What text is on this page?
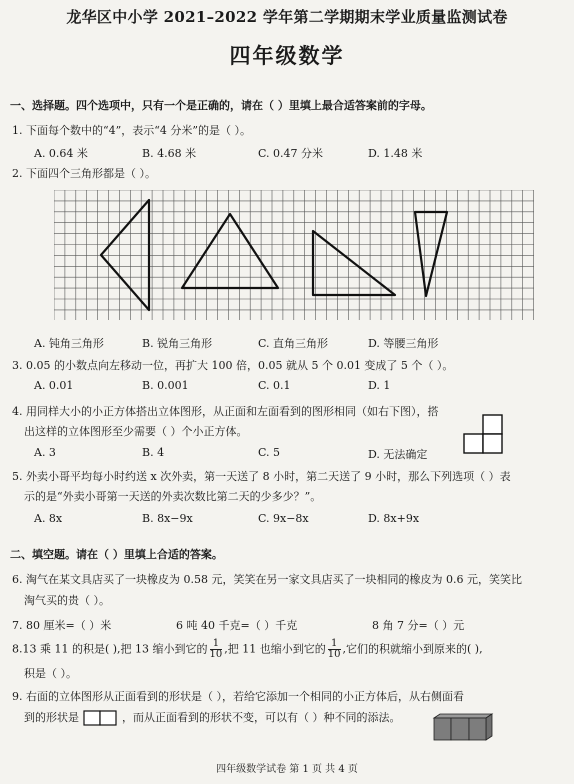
龙华区中小学 2021–2022 学年第二学期期末学业质量监测试卷
四年级数学
一、选择题。四个选项中，只有一个是正确的，请在（ ）里填上最合适答案前的字母。
1. 下面每个数中的“4”，表示“4 分米”的是（ ）。
A. 0.64 米	B. 4.68 米	C. 0.47 分米	D. 1.48 米
2. 下面四个三角形都是（ ）。
A. 钝角三角形	B. 锐角三角形	C. 直角三角形	D. 等腰三角形
3. 0.05 的小数点向左移动一位，再扩大 100 倍，0.05 就从 5 个 0.01 变成了 5 个（ ）。
A. 0.01	B. 0.001	C. 0.1	D. 1
4. 用同样大小的小正方体搭出立体图形，从正面和左面看到的图形相同（如右下图），搭
出这样的立体图形至少需要（ ）个小正方体。
A. 3	B. 4	C. 5	D. 无法确定
5. 外卖小哥平均每小时约送 x 次外卖，第一天送了 8 小时，第二天送了 9 小时，那么下列选项（ ）表
示的是“外卖小哥第一天送的外卖次数比第二天的少多少？”。
A. 8x	B. 8x−9x	C. 9x−8x	D. 8x+9x
二、填空题。请在（ ）里填上合适的答案。
6. 淘气在某文具店买了一块橡皮为 0.58 元，笑笑在另一家文具店买了一块相同的橡皮为 0.6 元，笑笑比
淘气买的贵（ ）。
7. 80 厘米=（ ）米	6 吨 40 千克=（ ）千克	8 角 7 分=（ ）元
8.13 乘 11 的积是( ),把 13 缩小到它的 $\frac{1}{10}$ ,把 11 也缩小到它的 $\frac{1}{10}$ ,它们的积就缩小到原来的( ),
积是（ ）。
9. 右面的立体图形从正面看到的形状是（ ），若给它添加一个相同的小正方体后，从右侧面看
到的形状是	，而从正面看到的形状不变，可以有（ ）种不同的添法。
四年级数学试卷 第 1 页 共 4 页
